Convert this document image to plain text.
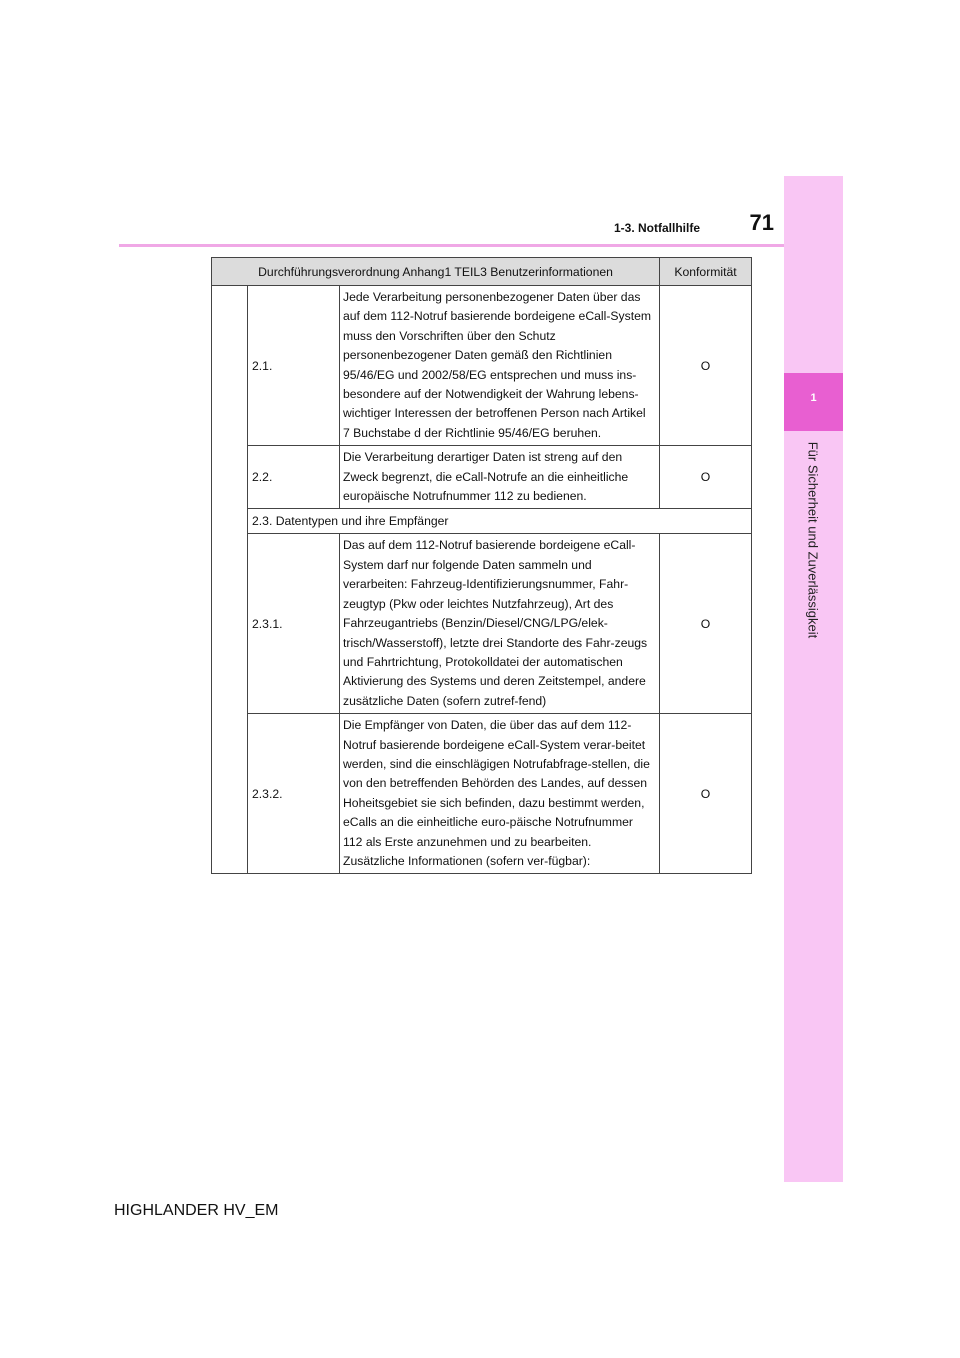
1
Für Sicherheit und Zuverlässigkeit
71
1-3. Notfallhilfe
Durchführungsverordnung Anhang1 TEIL3 Benutzerinformationen			Konformität
	2.1.	Jede Verarbeitung personenbezogener Daten über das auf dem 112-Notruf basierende bordeigene eCall-System muss den Vorschriften über den Schutz personenbezogener Daten gemäß den Richtlinien 95/46/EG und 2002/58/EG entsprechen und muss ins-besondere auf der Notwendigkeit der Wahrung lebens-wichtiger Interessen der betroffenen Person nach Artikel 7 Buchstabe d der Richtlinie 95/46/EG beruhen.	O
	2.2.	Die Verarbeitung derartiger Daten ist streng auf den Zweck begrenzt, die eCall-Notrufe an die einheitliche europäische Notrufnummer 112 zu bedienen.	O
	2.3. Datentypen und ihre Empfänger		
	2.3.1.	Das auf dem 112-Notruf basierende bordeigene eCall-System darf nur folgende Daten sammeln und verarbeiten: Fahrzeug-Identifizierungsnummer, Fahr-zeugtyp (Pkw oder leichtes Nutzfahrzeug), Art des Fahrzeugantriebs (Benzin/Diesel/CNG/LPG/elek-trisch/Wasserstoff), letzte drei Standorte des Fahr-zeugs und Fahrtrichtung, Protokolldatei der automatischen Aktivierung des Systems und deren Zeitstempel, andere zusätzliche Daten (sofern zutref-fend)	O
	2.3.2.	Die Empfänger von Daten, die über das auf dem 112-Notruf basierende bordeigene eCall-System verar-beitet werden, sind die einschlägigen Notrufabfrage-stellen, die von den betreffenden Behörden des Landes, auf dessen Hoheitsgebiet sie sich befinden, dazu bestimmt werden, eCalls an die einheitliche euro-päische Notrufnummer 112 als Erste anzunehmen und zu bearbeiten. Zusätzliche Informationen (sofern ver-fügbar):	O
HIGHLANDER HV_EM
